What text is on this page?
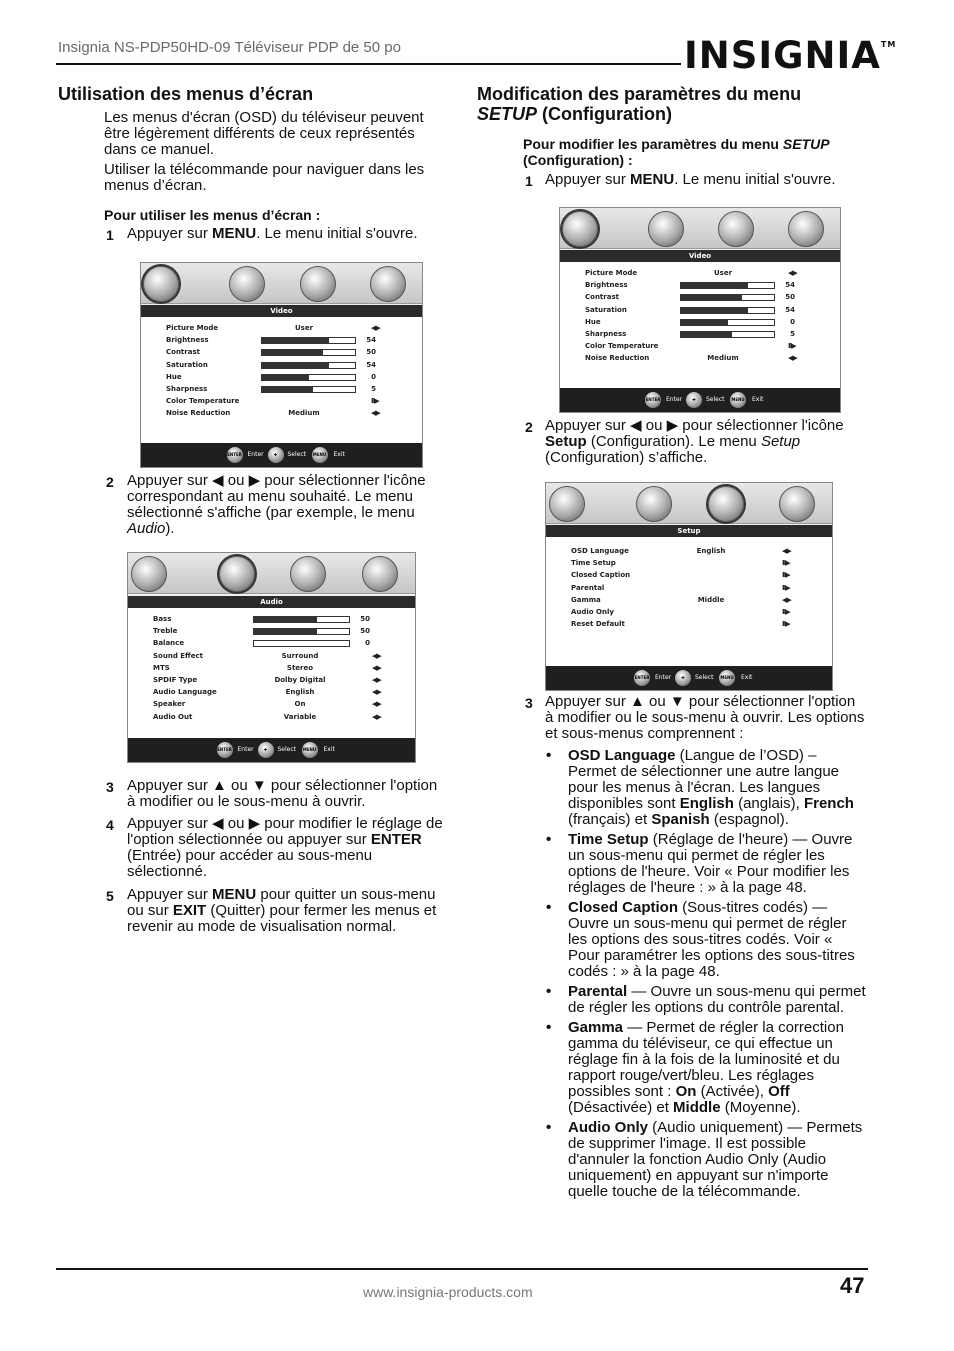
Insignia NS-PDP50HD-09 Téléviseur PDP de 50 po	INSIGNIA™
Utilisation des menus d’écran
Les menus d'écran (OSD) du téléviseur peuvent être légèrement différents de ceux représentés dans ce manuel.
Utiliser la télécommande pour naviguer dans les menus d’écran.
Pour utiliser les menus d’écran :
1 Appuyer sur MENU. Le menu initial s'ouvre.
Video
Picture Mode	User	◀▶
Brightness	54
Contrast	50
Saturation	54
Hue	0
Sharpness	5
Color Temperature	II▶
Noise Reduction	Medium	◀▶
ENTER Enter	✚	Select	MENU Exit
2 Appuyer sur ◀ ou ▶ pour sélectionner l'icône correspondant au menu souhaité. Le menu sélectionné s'affiche (par exemple, le menu Audio).
Audio
Bass	50
Treble	50
Balance	0
Sound Effect	Surround	◀▶
MTS	Stereo	◀▶
SPDIF Type	Dolby Digital	◀▶
Audio Language	English	◀▶
Speaker	On	◀▶
Audio Out	Variable	◀▶
ENTER Enter	✚	Select	MENU Exit
3 Appuyer sur ▲ ou ▼ pour sélectionner l'option à modifier ou le sous-menu à ouvrir.
4 Appuyer sur ◀ ou ▶ pour modifier le réglage de l'option sélectionnée ou appuyer sur ENTER (Entrée) pour accéder au sous-menu sélectionné.
5 Appuyer sur MENU pour quitter un sous-menu ou sur EXIT (Quitter) pour fermer les menus et revenir au mode de visualisation normal.
Modification des paramètres du menu
SETUP (Configuration)
Pour modifier les paramètres du menu SETUP (Configuration) :
1 Appuyer sur MENU. Le menu initial s'ouvre.
Video
Picture Mode	User	◀▶
Brightness	54
Contrast	50
Saturation	54
Hue	0
Sharpness	5
Color Temperature	II▶
Noise Reduction	Medium	◀▶
ENTER Enter	✚	Select	MENU Exit
2 Appuyer sur ◀ ou ▶ pour sélectionner l'icône Setup (Configuration). Le menu Setup (Configuration) s’affiche.
Setup
OSD Language	English	◀▶
Time Setup	II▶
Closed Caption	II▶
Parental	II▶
Gamma	Middle	◀▶
Audio Only	II▶
Reset Default	II▶
ENTER Enter	✚	Select	MENU Exit
3 Appuyer sur ▲ ou ▼ pour sélectionner l'option à modifier ou le sous-menu à ouvrir. Les options et sous-menus comprennent :
• OSD Language (Langue de l’OSD) – Permet de sélectionner une autre langue pour les menus à l'écran. Les langues disponibles sont English (anglais), French (français) et Spanish (espagnol).
• Time Setup (Réglage de l'heure) — Ouvre un sous-menu qui permet de régler les options de l'heure. Voir « Pour modifier les réglages de l'heure : » à la page 48.
• Closed Caption (Sous-titres codés) — Ouvre un sous-menu qui permet de régler les options des sous-titres codés. Voir « Pour paramétrer les options des sous-titres codés : » à la page 48.
• Parental — Ouvre un sous-menu qui permet de régler les options du contrôle parental.
• Gamma — Permet de régler la correction gamma du téléviseur, ce qui effectue un réglage fin à la fois de la luminosité et du rapport rouge/vert/bleu. Les réglages possibles sont : On (Activée), Off (Désactivée) et Middle (Moyenne).
• Audio Only (Audio uniquement) — Permets de supprimer l'image. Il est possible d'annuler la fonction Audio Only (Audio uniquement) en appuyant sur n'importe quelle touche de la télécommande.
www.insignia-products.com	47
